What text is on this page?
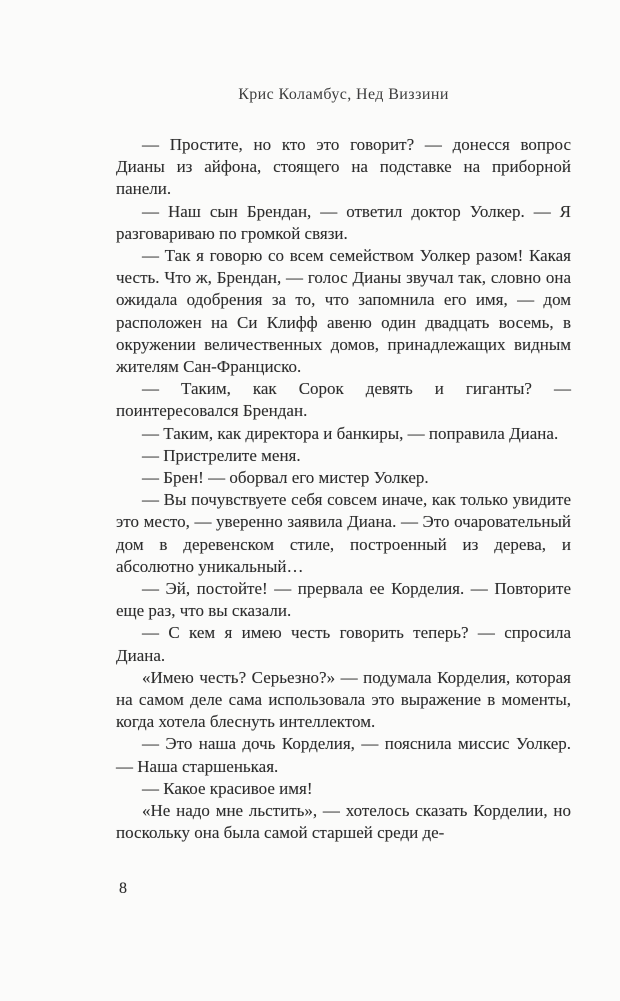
Крис Коламбус, Нед Виззини

— Простите, но кто это говорит? — донесся вопрос Дианы из айфона, стоящего на подставке на приборной панели.

— Наш сын Брендан, — ответил доктор Уолкер. — Я разговариваю по громкой связи.

— Так я говорю со всем семейством Уолкер разом! Какая честь. Что ж, Брендан, — голос Дианы звучал так, словно она ожидала одобрения за то, что запомнила его имя, — дом расположен на Си Клифф авеню один двадцать восемь, в окружении величественных домов, принадлежащих видным жителям Сан-Франциско.

— Таким, как Сорок девять и гиганты? — поинтересовался Брендан.

— Таким, как директора и банкиры, — поправила Диана.

— Пристрелите меня.

— Брен! — оборвал его мистер Уолкер.

— Вы почувствуете себя совсем иначе, как только увидите это место, — уверенно заявила Диана. — Это очаровательный дом в деревенском стиле, построенный из дерева, и абсолютно уникальный…

— Эй, постойте! — прервала ее Корделия. — Повторите еще раз, что вы сказали.

— С кем я имею честь говорить теперь? — спросила Диана.

«Имею честь? Серьезно?» — подумала Корделия, которая на самом деле сама использовала это выражение в моменты, когда хотела блеснуть интеллектом.

— Это наша дочь Корделия, — пояснила миссис Уолкер. — Наша старшенькая.

— Какое красивое имя!

«Не надо мне льстить», — хотелось сказать Корделии, но поскольку она была самой старшей среди де-

8
